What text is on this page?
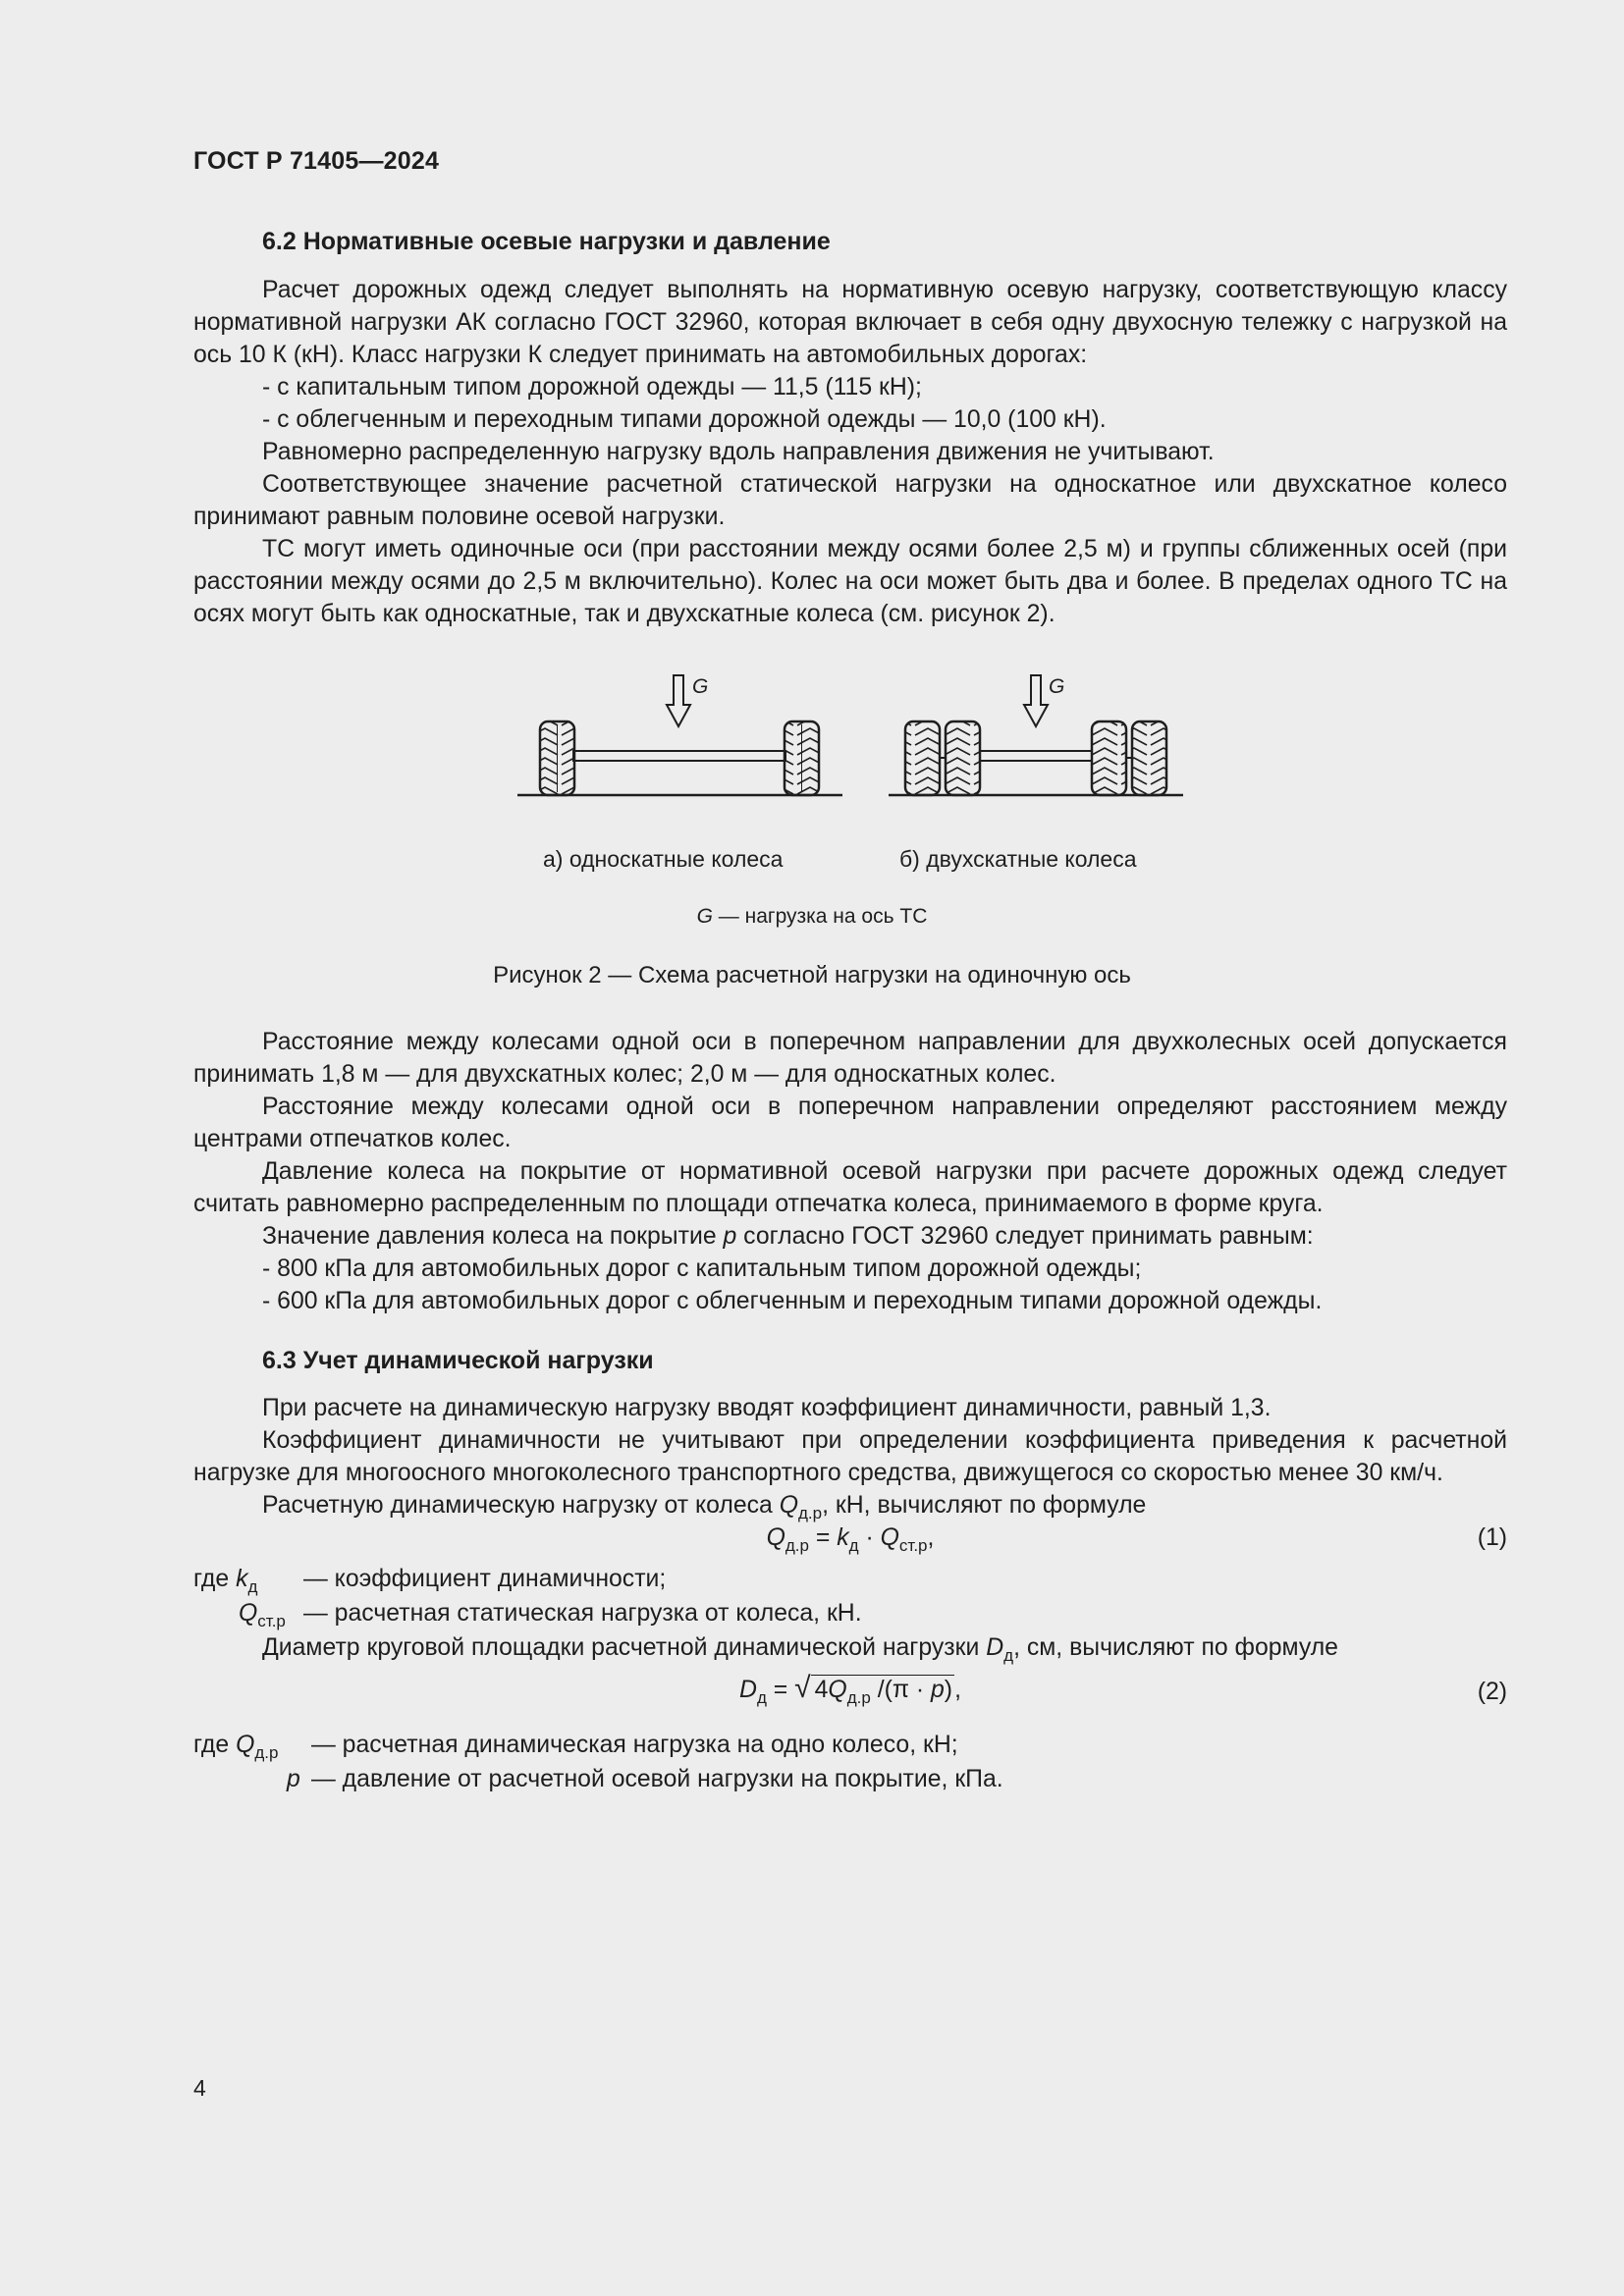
ГОСТ Р 71405—2024

6.2 Нормативные осевые нагрузки и давление

Расчет дорожных одежд следует выполнять на нормативную осевую нагрузку, соответствующую классу нормативной нагрузки АК согласно ГОСТ 32960, которая включает в себя одну двухосную тележку с нагрузкой на ось 10 К (кН). Класс нагрузки К следует принимать на автомобильных дорогах:

- с капитальным типом дорожной одежды — 11,5 (115 кН);

- с облегченным и переходным типами дорожной одежды — 10,0 (100 кН).

Равномерно распределенную нагрузку вдоль направления движения не учитывают.

Соответствующее значение расчетной статической нагрузки на односкатное или двухскатное колесо принимают равным половине осевой нагрузки.

ТС могут иметь одиночные оси (при расстоянии между осями более 2,5 м) и группы сближенных осей (при расстоянии между осями до 2,5 м включительно). Колес на оси может быть два и более. В пределах одного ТС на осях могут быть как односкатные, так и двухскатные колеса (см. рисунок 2).

G	G
а) односкатные колеса	б) двухскатные колеса
G — нагрузка на ось ТС
Рисунок 2 — Схема расчетной нагрузки на одиночную ось

Расстояние между колесами одной оси в поперечном направлении для двухколесных осей допускается принимать 1,8 м — для двухскатных колес; 2,0 м — для односкатных колес.

Расстояние между колесами одной оси в поперечном направлении определяют расстоянием между центрами отпечатков колес.

Давление колеса на покрытие от нормативной осевой нагрузки при расчете дорожных одежд следует считать равномерно распределенным по площади отпечатка колеса, принимаемого в форме круга.

Значение давления колеса на покрытие p согласно ГОСТ 32960 следует принимать равным:

- 800 кПа для автомобильных дорог с капитальным типом дорожной одежды;

- 600 кПа для автомобильных дорог с облегченным и переходным типами дорожной одежды.

6.3 Учет динамической нагрузки

При расчете на динамическую нагрузку вводят коэффициент динамичности, равный 1,3.

Коэффициент динамичности не учитывают при определении коэффициента приведения к расчетной нагрузке для многоосного многоколесного транспортного средства, движущегося со скоростью менее 30 км/ч.

Расчетную динамическую нагрузку от колеса $Q_{д.р}$, кН, вычисляют по формуле

$Q_{д.р} = k_д \cdot Q_{ст.р}$,	(1)
где $k_д$ — коэффициент динамичности;
$Q_{ст.р}$ — расчетная статическая нагрузка от колеса, кН.

Диаметр круговой площадки расчетной динамической нагрузки $D_д$, см, вычисляют по формуле

$D_д$ = √ $4Q_{д.р}$ /(π · p),	(2)
где $Q_{д.р}$ — расчетная динамическая нагрузка на одно колесо, кН;
p — давление от расчетной осевой нагрузки на покрытие, кПа.
4
